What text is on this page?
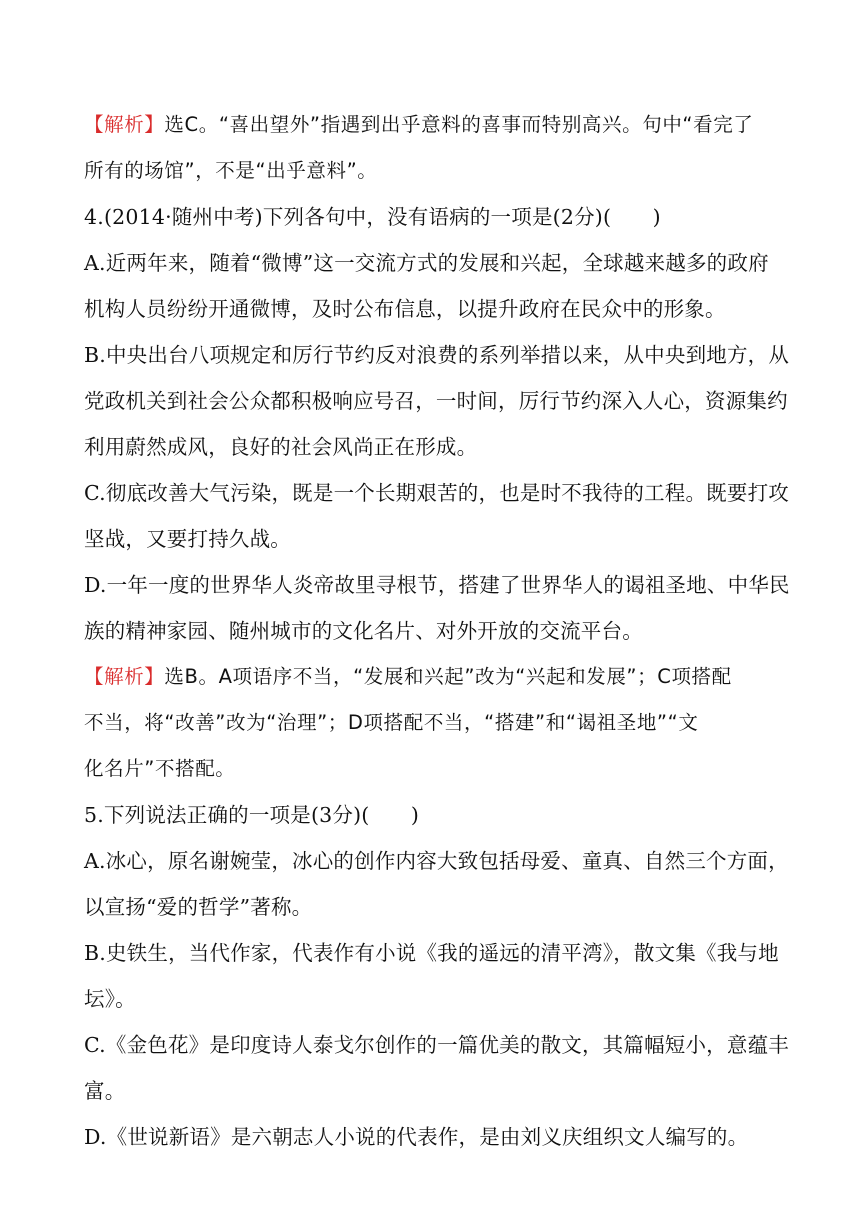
【解析】选C。“喜出望外”指遇到出乎意料的喜事而特别高兴。句中“看完了
所有的场馆”，不是“出乎意料”。
4.(2014·随州中考)下列各句中，没有语病的一项是(2分)(　　)
A.近两年来，随着“微博”这一交流方式的发展和兴起，全球越来越多的政府
机构人员纷纷开通微博，及时公布信息，以提升政府在民众中的形象。
B.中央出台八项规定和厉行节约反对浪费的系列举措以来，从中央到地方，从
党政机关到社会公众都积极响应号召，一时间，厉行节约深入人心，资源集约
利用蔚然成风，良好的社会风尚正在形成。
C.彻底改善大气污染，既是一个长期艰苦的，也是时不我待的工程。既要打攻
坚战，又要打持久战。
D.一年一度的世界华人炎帝故里寻根节，搭建了世界华人的谒祖圣地、中华民
族的精神家园、随州城市的文化名片、对外开放的交流平台。
【解析】选B。A项语序不当，“发展和兴起”改为“兴起和发展”；C项搭配
不当，将“改善”改为“治理”；D项搭配不当，“搭建”和“谒祖圣地”“文
化名片”不搭配。
5.下列说法正确的一项是(3分)(　　)
A.冰心，原名谢婉莹，冰心的创作内容大致包括母爱、童真、自然三个方面，
以宣扬“爱的哲学”著称。
B.史铁生，当代作家，代表作有小说《我的遥远的清平湾》，散文集《我与地
坛》。
C.《金色花》是印度诗人泰戈尔创作的一篇优美的散文，其篇幅短小，意蕴丰
富。
D.《世说新语》是六朝志人小说的代表作，是由刘义庆组织文人编写的。
